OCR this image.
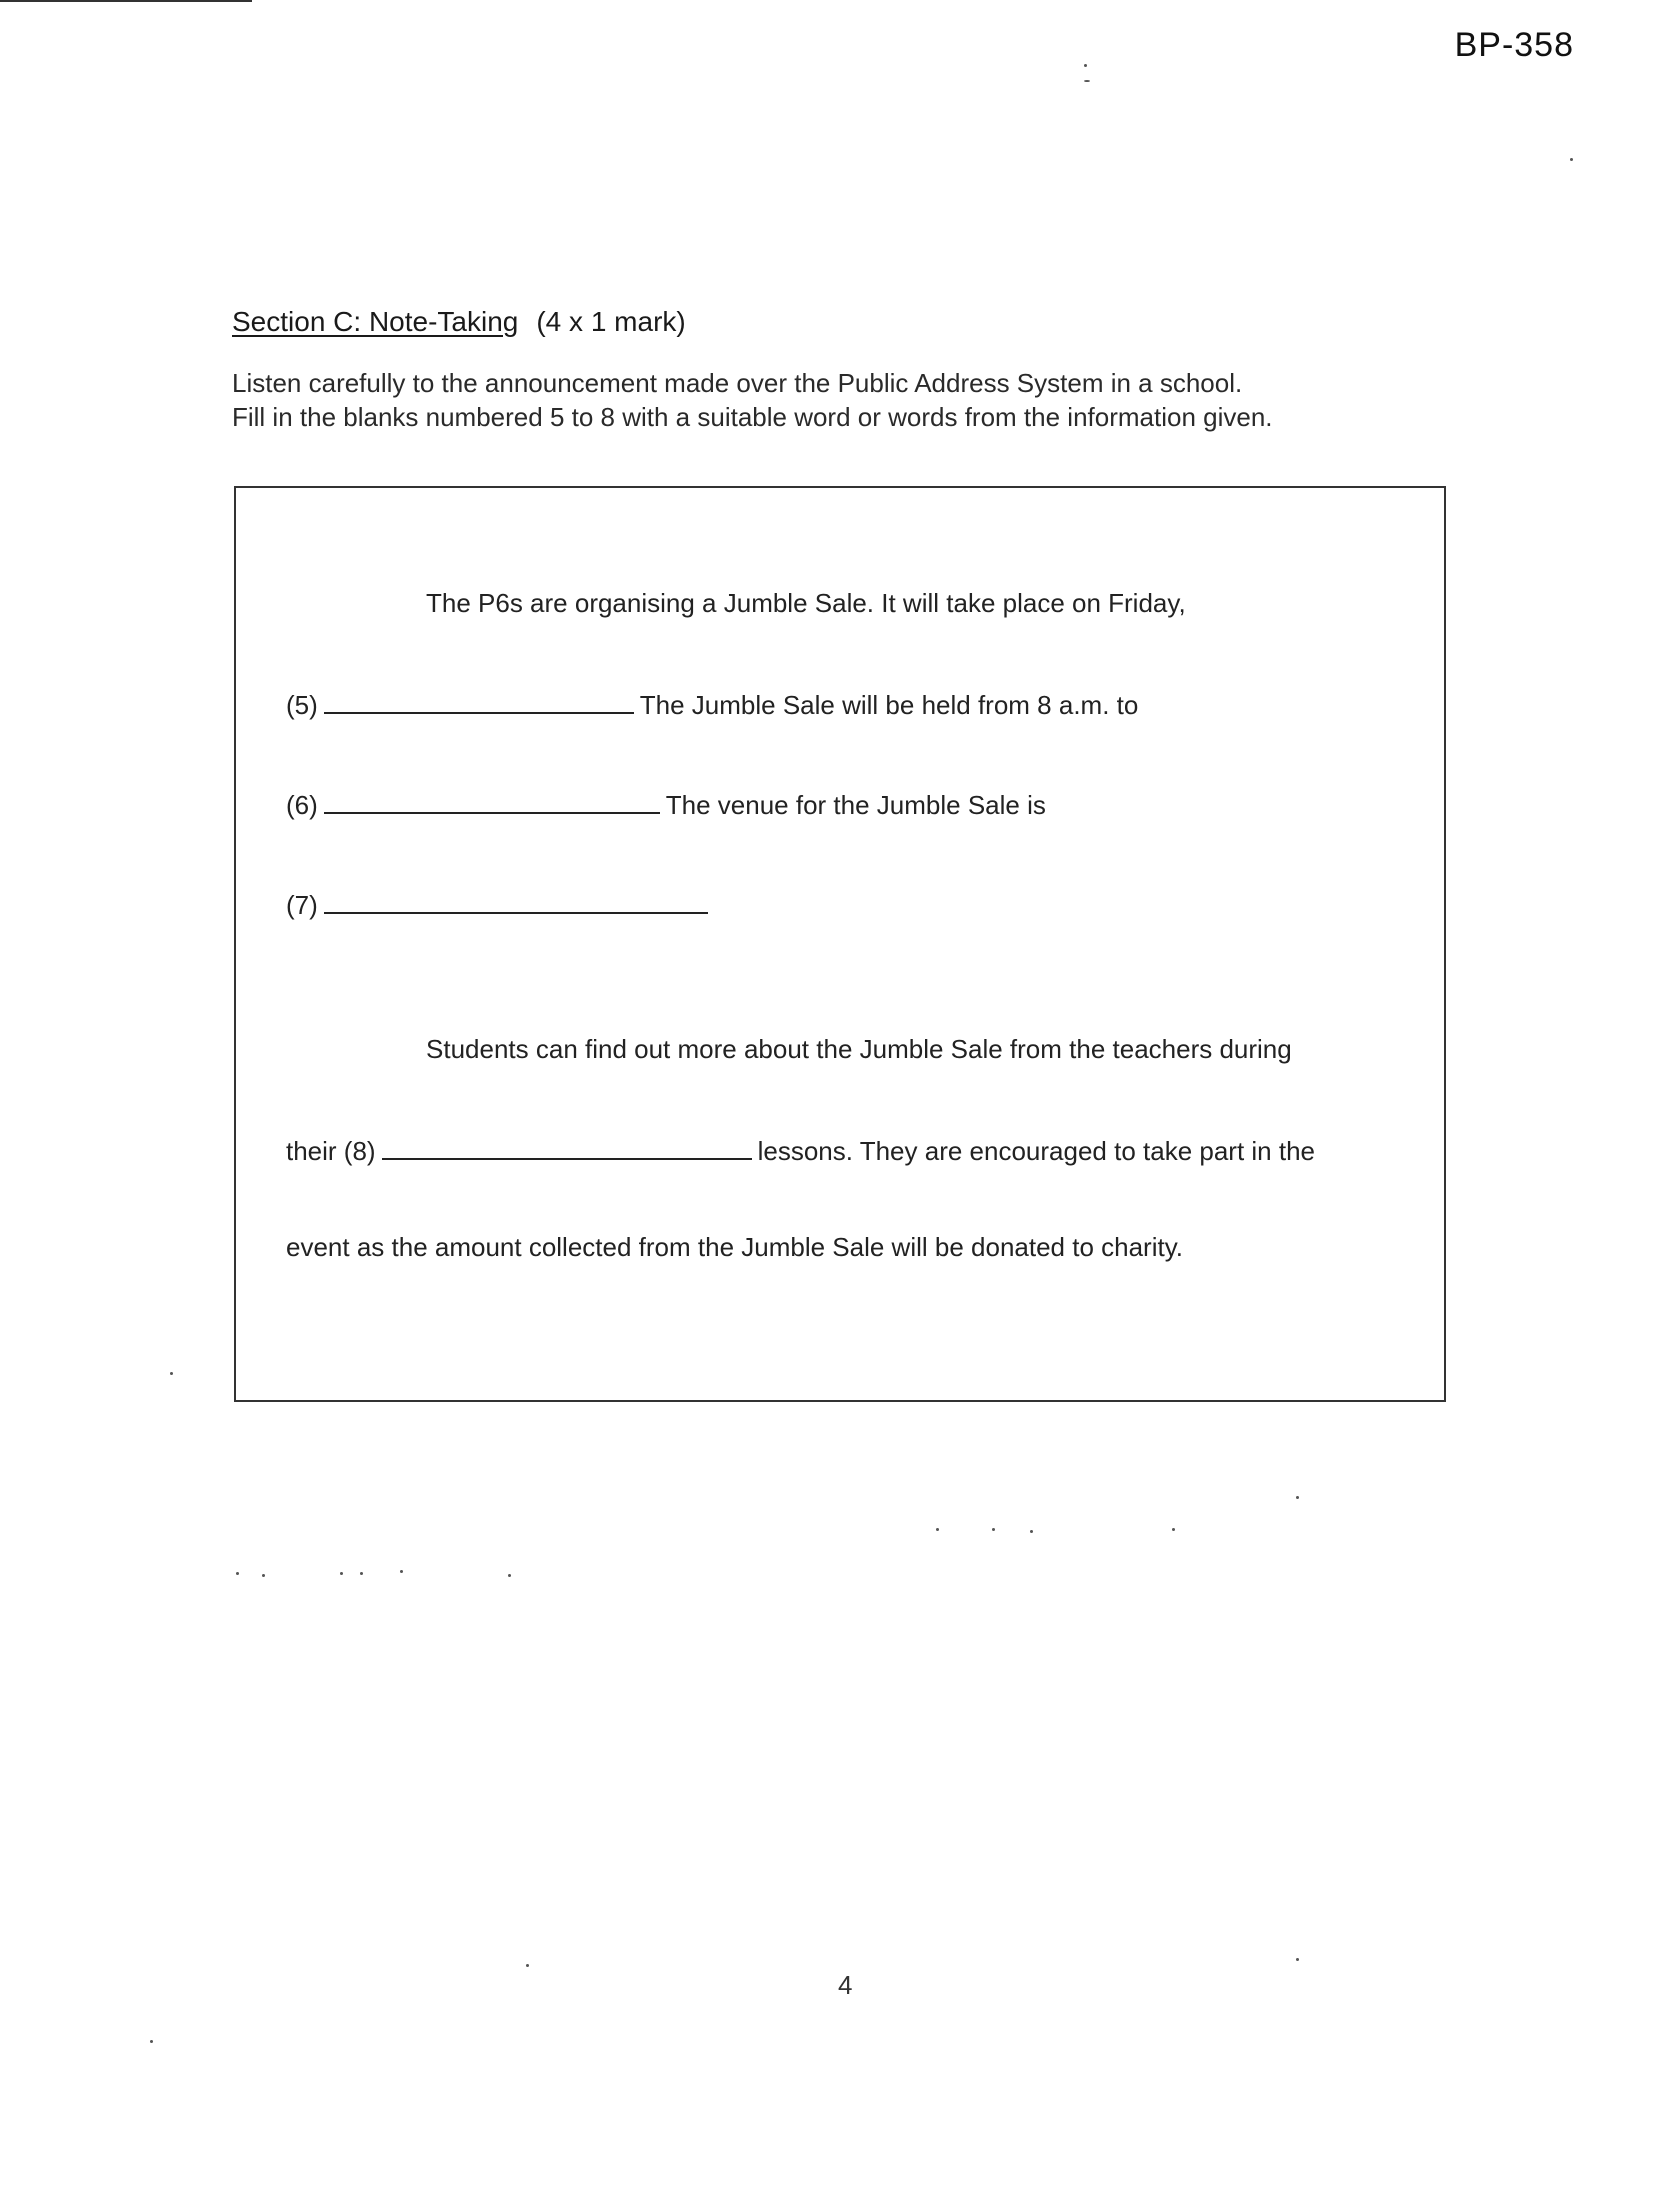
BP-358
Section C: Note-Taking (4 x 1 mark)
Listen carefully to the announcement made over the Public Address System in a school.
Fill in the blanks numbered 5 to 8 with a suitable word or words from the information given.
The P6s are organising a Jumble Sale. It will take place on Friday,
(5)	The Jumble Sale will be held from 8 a.m. to
(6)	The venue for the Jumble Sale is
(7)
Students can find out more about the Jumble Sale from the teachers during
their (8)	lessons. They are encouraged to take part in the
event as the amount collected from the Jumble Sale will be donated to charity.
4
